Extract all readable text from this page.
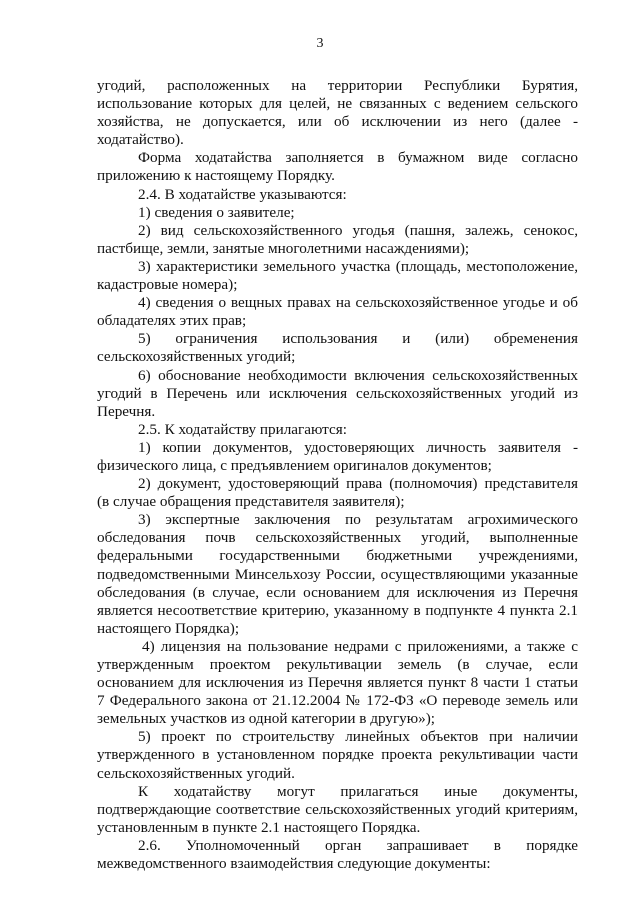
3

угодий, расположенных на территории Республики Бурятия, использование которых для целей, не связанных с ведением сельского хозяйства, не допускается, или об исключении из него (далее - ходатайство).

Форма ходатайства заполняется в бумажном виде согласно приложению к настоящему Порядку.

2.4. В ходатайстве указываются:

1) сведения о заявителе;

2) вид сельскохозяйственного угодья (пашня, залежь, сенокос, пастбище, земли, занятые многолетними насаждениями);

3) характеристики земельного участка (площадь, местоположение, кадастровые номера);

4) сведения о вещных правах на сельскохозяйственное угодье и об обладателях этих прав;

5) ограничения использования и (или) обременения сельскохозяйственных угодий;

6) обоснование необходимости включения сельскохозяйственных угодий в Перечень или исключения сельскохозяйственных угодий из Перечня.

2.5. К ходатайству прилагаются:

1) копии документов, удостоверяющих личность заявителя - физического лица, с предъявлением оригиналов документов;

2) документ, удостоверяющий права (полномочия) представителя (в случае обращения представителя заявителя);

3) экспертные заключения по результатам агрохимического обследования почв сельскохозяйственных угодий, выполненные федеральными государственными бюджетными учреждениями, подведомственными Минсельхозу России, осуществляющими указанные обследования (в случае, если основанием для исключения из Перечня является несоответствие критерию, указанному в подпункте 4 пункта 2.1 настоящего Порядка);

4) лицензия на пользование недрами с приложениями, а также с утвержденным проектом рекультивации земель (в случае, если основанием для исключения из Перечня является пункт 8 части 1 статьи 7 Федерального закона от 21.12.2004 № 172-ФЗ «О переводе земель или земельных участков из одной категории в другую»);

5) проект по строительству линейных объектов при наличии утвержденного в установленном порядке проекта рекультивации части сельскохозяйственных угодий.

К ходатайству могут прилагаться иные документы, подтверждающие соответствие сельскохозяйственных угодий критериям, установленным в пункте 2.1 настоящего Порядка.

2.6. Уполномоченный орган запрашивает в порядке межведомственного взаимодействия следующие документы:
